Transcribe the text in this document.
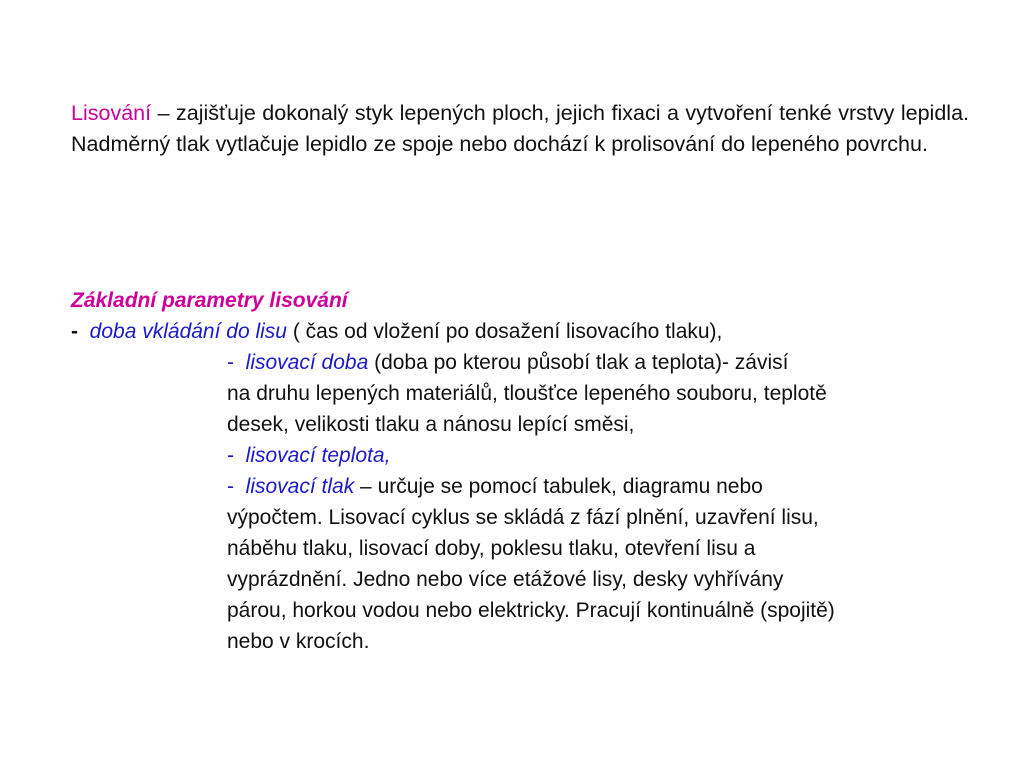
Lisování – zajišťuje dokonalý styk lepených ploch, jejich fixaci a vytvoření tenké vrstvy lepidla. Nadměrný tlak vytlačuje lepidlo ze spoje nebo dochází k prolisování do lepeného povrchu.
Základní parametry lisování
- doba vkládání do lisu ( čas od vložení po dosažení lisovacího tlaku),
- lisovací doba (doba po kterou působí tlak a teplota)- závisí
na druhu lepených materiálů, tloušťce lepeného souboru, teplotě
desek, velikosti tlaku a nánosu lepící směsi,
- lisovací teplota,
- lisovací tlak – určuje se pomocí tabulek, diagramu nebo
výpočtem. Lisovací cyklus se skládá z fází plnění, uzavření lisu,
náběhu tlaku, lisovací doby, poklesu tlaku, otevření lisu a
vyprázdnění. Jedno nebo více etážové lisy, desky vyhřívány
párou, horkou vodou nebo elektricky. Pracují kontinuálně (spojitě)
nebo v krocích.
